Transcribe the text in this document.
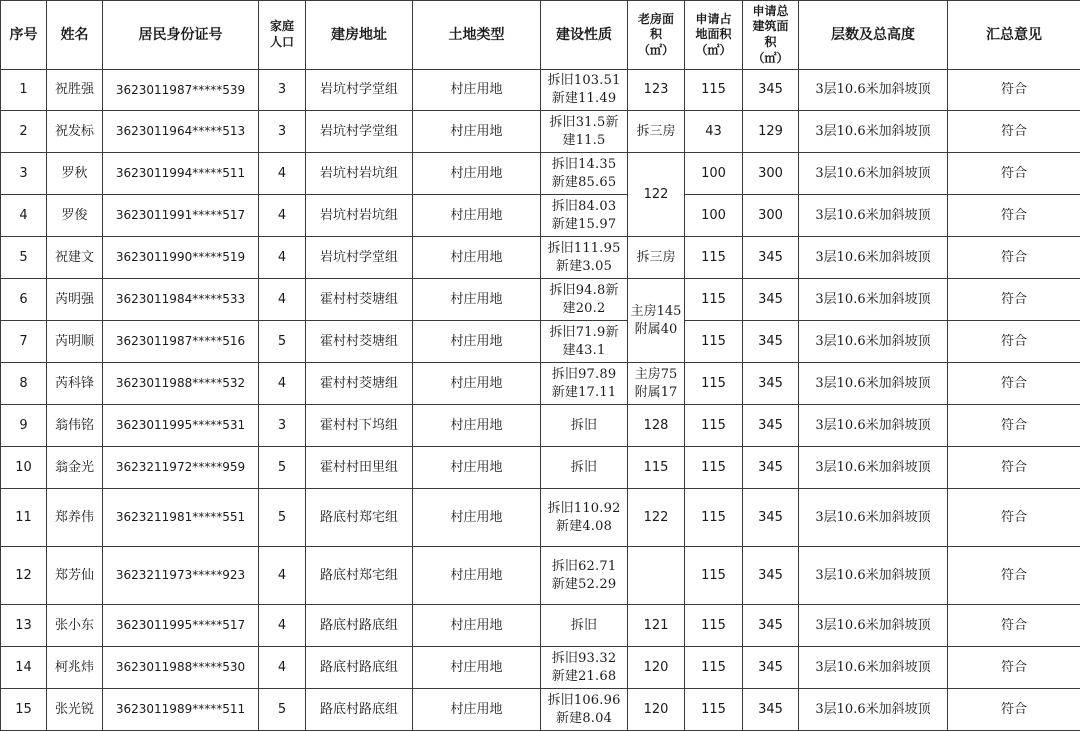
序号	姓名	居民身份证号	家庭
人口	建房地址	土地类型	建设性质	老房面
积
（㎡）	申请占
地面积
（㎡）	申请总
建筑面
积
（㎡）	层数及总高度	汇总意见
1	祝胜强	3623011987*****539	3	岩坑村学堂组	村庄用地	拆旧103.51
新建11.49	123	115	345	3层10.6米加斜坡顶	符合
2	祝发标	3623011964*****513	3	岩坑村学堂组	村庄用地	拆旧31.5新
建11.5	拆三房	43	129	3层10.6米加斜坡顶	符合
3	罗秋	3623011994*****511	4	岩坑村岩坑组	村庄用地	拆旧14.35
新建85.65	122	100	300	3层10.6米加斜坡顶	符合
4	罗俊	3623011991*****517	4	岩坑村岩坑组	村庄用地	拆旧84.03
新建15.97		100	300	3层10.6米加斜坡顶	符合
5	祝建文	3623011990*****519	4	岩坑村学堂组	村庄用地	拆旧111.95
新建3.05	拆三房	115	345	3层10.6米加斜坡顶	符合
6	芮明强	3623011984*****533	4	霍村村茭塘组	村庄用地	拆旧94.8新
建20.2	主房145
附属40	115	345	3层10.6米加斜坡顶	符合
7	芮明顺	3623011987*****516	5	霍村村茭塘组	村庄用地	拆旧71.9新
建43.1		115	345	3层10.6米加斜坡顶	符合
8	芮科锋	3623011988*****532	4	霍村村茭塘组	村庄用地	拆旧97.89
新建17.11	主房75
附属17	115	345	3层10.6米加斜坡顶	符合
9	翁伟铭	3623011995*****531	3	霍村村下坞组	村庄用地	拆旧	128	115	345	3层10.6米加斜坡顶	符合
10	翁金光	3623211972*****959	5	霍村村田里组	村庄用地	拆旧	115	115	345	3层10.6米加斜坡顶	符合
11	郑养伟	3623211981*****551	5	路底村郑宅组	村庄用地	拆旧110.92
新建4.08	122	115	345	3层10.6米加斜坡顶	符合
12	郑芳仙	3623211973*****923	4	路底村郑宅组	村庄用地	拆旧62.71
新建52.29		115	345	3层10.6米加斜坡顶	符合
13	张小东	3623011995*****517	4	路底村路底组	村庄用地	拆旧	121	115	345	3层10.6米加斜坡顶	符合
14	柯兆炜	3623011988*****530	4	路底村路底组	村庄用地	拆旧93.32
新建21.68	120	115	345	3层10.6米加斜坡顶	符合
15	张光锐	3623011989*****511	5	路底村路底组	村庄用地	拆旧106.96
新建8.04	120	115	345	3层10.6米加斜坡顶	符合
